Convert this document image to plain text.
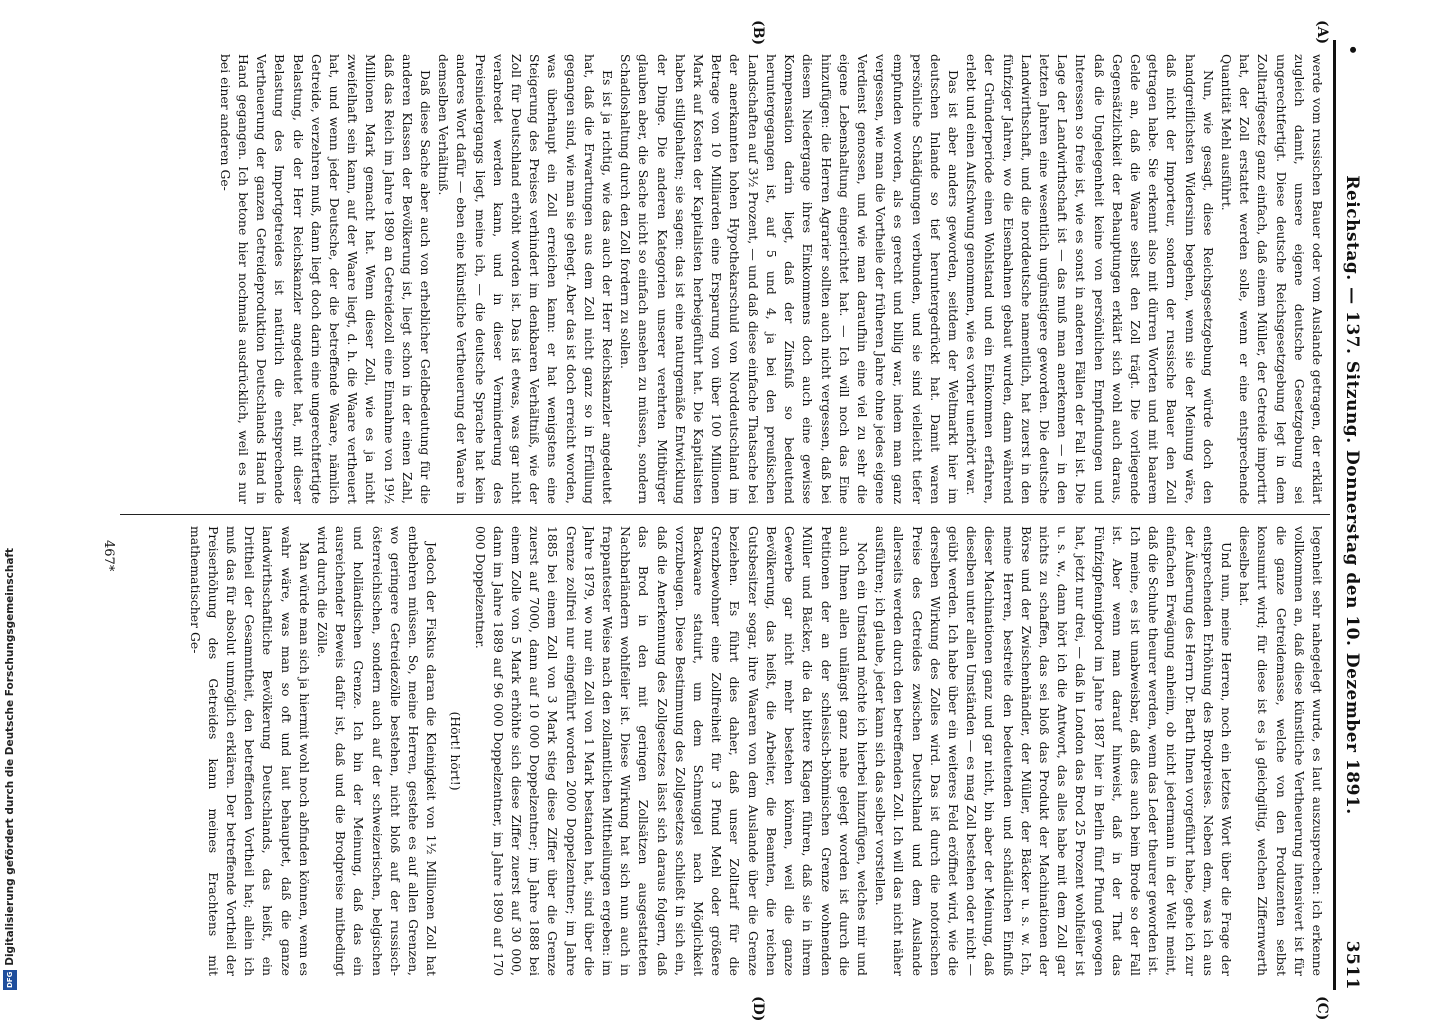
•
Reichstag. — 137. Sitzung. Donnerstag den 10. Dezember 1891.
3511
(A)
(B)
(C)
(D)

werde vom russischen Bauer oder vom Auslande getragen, der erklärt zugleich damit, unsere eigene deutsche Gesetzgebung sei ungerechtfertigt. Diese deutsche Reichsgesetzgebung legt in dem Zolltarifgesetz ganz einfach, daß einem Müller, der Getreide importirt hat, der Zoll erstattet werden solle, wenn er eine entsprechende Quantität Mehl ausführt.

Nun, wie gesagt, diese Reichsgesetzgebung würde doch den handgreiflichsten Widersinn begehen, wenn sie der Meinung wäre, daß nicht der Importeur, sondern der russische Bauer den Zoll getragen habe. Sie erkennt also mit dürren Worten und mit baarem Gelde an, daß die Waare selbst den Zoll trägt. Die vorliegende Gegensätzlichkeit der Behauptungen erklärt sich wohl auch daraus, daß die Ungelegenheit keine von persönlichen Empfindungen und Interessen so freie ist, wie es sonst in anderen Fällen der Fall ist. Die Lage der Landwirthschaft ist — das muß man anerkennen — in den letzten Jahren eine wesentlich ungünstigere geworden. Die deutsche Landwirthschaft, und die norddeutsche namentlich, hat zuerst in den fünfziger Jahren, wo die Eisenbahnen gebaut wurden, dann während der Gründerperiode einen Wohlstand und ein Einkommen erfahren, erlebt und einen Aufschwung genommen, wie es vorher unerhört war.

Das ist aber anders geworden, seitdem der Weltmarkt hier im deutschen Inlande so tief heruntergedrückt hat. Damit waren persönliche Schädigungen verbunden, und sie sind vielleicht tiefer empfunden worden, als es gerecht und billig war, indem man ganz vergessen, wie man die Vortheile der früheren Jahre ohne jedes eigene Verdienst genossen, und wie man daraufhin eine viel zu sehr die eigene Lebenshaltung eingerichtet hat. — Ich will noch das Eine hinzufügen: die Herren Agrarier sollten auch nicht vergessen, daß bei diesem Niedergange ihres Einkommens doch auch eine gewisse Kompensation darin liegt, daß der Zinsfuß so bedeutend heruntergegangen ist, auf 5 und 4, ja bei den preußischen Landschaften auf 3½ Prozent, — und daß diese einfache Thatsache bei der anerkannten hohen Hypothekarschuld von Norddeutschland im Betrage von 10 Milliarden eine Ersparung von über 100 Millionen Mark auf Kosten der Kapitalisten herbeigeführt hat. Die Kapitalisten haben stillgehalten; sie sagen: das ist eine naturgemäße Entwicklung der Dinge. Die anderen Kategorien unserer verehrten Mitbürger glauben aber, die Sache nicht so einfach ansehen zu müssen, sondern Schadloshaltung durch den Zoll fordern zu sollen.

Es ist ja richtig, wie das auch der Herr Reichskanzler angedeutet hat, daß die Erwartungen aus dem Zoll nicht ganz so in Erfüllung gegangen sind, wie man sie gehegt. Aber das ist doch erreicht worden, was überhaupt ein Zoll erreichen kann: er hat wenigstens eine Steigerung des Preises verhindert im denkbaren Verhältniß, wie der Zoll für Deutschland erhöht worden ist. Das ist etwas, was gar nicht verabredet werden kann, und in dieser Verminderung des Preisniedergangs liegt, meine ich, — die deutsche Sprache hat kein anderes Wort dafür — eben eine künstliche Vertheuerung der Waare in demselben Verhältniß.

Daß diese Sache aber auch von erheblicher Geldbedeutung für die anderen Klassen der Bevölkerung ist, liegt schon in der einen Zahl, daß das Reich im Jahre 1890 an Getreidezoll eine Einnahme von 19½ Millionen Mark gemacht hat. Wenn dieser Zoll, wie es ja nicht zweifelhaft sein kann, auf der Waare liegt, d. h. die Waare vertheuert hat, und wenn jeder Deutsche, der die betreffende Waare, nämlich Getreide, verzehren muß, dann liegt doch darin eine ungerechtfertigte Belastung, die der Herr Reichskanzler angedeutet hat, mit dieser Belastung des Importgetreides ist natürlich die entsprechende Vertheuerung der ganzen Getreideproduktion Deutschlands Hand in Hand gegangen. Ich betone hier nochmals ausdrücklich, weil es nur bei einer anderen Ge-

legenheit sehr nahegelegt wurde, es laut auszusprechen: ich erkenne vollkommen an, daß diese künstliche Vertheuerung intensivert ist für die ganze Getreidemasse, welche von den Produzenten selbst konsumirt wird; für diese ist es ja gleichgiltig, welchen Ziffernwerth dieselbe hat.

Und nun, meine Herren, noch ein letztes Wort über die Frage der entsprechenden Erhöhung des Brodpreises. Neben dem, was ich aus der Äußerung des Herrn Dr. Barth Ihnen vorgeführt habe, gehe ich zur einfachen Erwägung anheim, ob nicht jedermann in der Welt meint, daß die Schuhe theurer werden, wenn das Leder theurer geworden ist. Ich meine, es ist unabweisbar, daß dies auch beim Brode so der Fall ist. Aber wenn man darauf hinweist, daß in der That das Fünfzigpfennigbrod im Jahre 1887 hier in Berlin fünf Pfund gewogen hat, jetzt nur drei, — daß in London das Brod 25 Prozent wohlfeiler ist u. s. w., dann hört ich die Antwort, das alles habe mit dem Zoll gar nichts zu schaffen, das sei bloß das Produkt der Machinationen der Börse und der Zwischenhändler, der Müller, der Bäcker u. s. w. Ich, meine Herren, bestreite den bedeutenden und schädlichen Einfluß dieser Machinationen ganz und gar nicht, bin aber der Meinung, daß dieselben unter allen Umständen — es mag Zoll bestehen oder nicht — geübt werden. Ich habe über ein weiteres Feld eröffnet wird, wie die derselben Wirkung des Zolles wird. Das ist durch die notorischen Preise des Getreides zwischen Deutschland und dem Auslande allerseits werden durch den betreffenden Zoll. Ich will das nicht näher ausführen; ich glaube, jeder kann sich das selber vorstellen.

Noch ein Umstand möchte ich hierbei hinzufügen, welches mir und auch Ihnen allen unlängst ganz nahe gelegt worden ist durch die Petitionen der an der schlesisch-böhmischen Grenze wohnenden Müller und Bäcker, die da bittere Klagen führen, daß sie in ihrem Gewerbe gar nicht mehr bestehen können, weil die ganze Bevölkerung, das heißt, die Arbeiter, die Beamten, die reichen Gutsbesitzer sogar, ihre Waaren von dem Auslande über die Grenze beziehen. Es führt dies daher, daß unser Zolltarif für die Grenzbewohner eine Zollfreiheit für 3 Pfund Mehl oder größere Backwaare statuirt, um dem Schmuggel nach Möglichkeit vorzubeugen. Diese Bestimmung des Zollgesetzes schließt in sich ein, daß die Anerkennung des Zollgesetzes lässt sich daraus folgern, daß das Brod in den mit geringen Zollsätzen ausgestatteten Nachbarländern wohlfeiler ist. Diese Wirkung hat sich nun auch in frappantester Weise nach den zollamtlichen Mittheilungen ergeben: im Jahre 1879, wo nur ein Zoll von 1 Mark bestanden hat, sind über die Grenze zollfrei nur eingeführt worden 2000 Doppelzentner; im Jahre 1885 bei einem Zoll von 3 Mark stieg diese Ziffer über die Grenze zuerst auf 7000, dann auf 10 000 Doppelzentner; im Jahre 1888 bei einem Zolle von 5 Mark erhöhte sich diese Ziffer zuerst auf 30 000, dann im Jahre 1889 auf 96 000 Doppelzentner, im Jahre 1890 auf 170 000 Doppelzentner.

(Hört! hört!)

Jedoch der Fiskus daran die Kleinigkeit von 1½ Millionen Zoll hat entbehren müssen. So, meine Herren, gestehe es auf allen Grenzen, wo geringere Getreidezölle bestehen, nicht bloß auf der russisch-österreichischen, sondern auch auf der schweizerischen, belgischen und holländischen Grenze. Ich bin der Meinung, daß das ein ausreichender Beweis dafür ist, daß und die Brodpreise mitbedingt wird durch die Zölle.

Man würde man sich ja hiermit wohl noch abfinden können, wenn es wahr wäre, was man so oft und laut behauptet, daß die ganze landwirthschaftliche Bevölkerung Deutschlands, das heißt, ein Drittheil der Gesammtheit, den betreffenden Vortheil hat; allein ich muß das für absolut unmöglich erklären. Der betreffende Vortheil der Preiserhöhung des Getreides kann meines Erachtens mit mathematischer Ge-

467*
Digitalisierung gefördert durch die Deutsche Forschungsgemeinschaft
DFG
